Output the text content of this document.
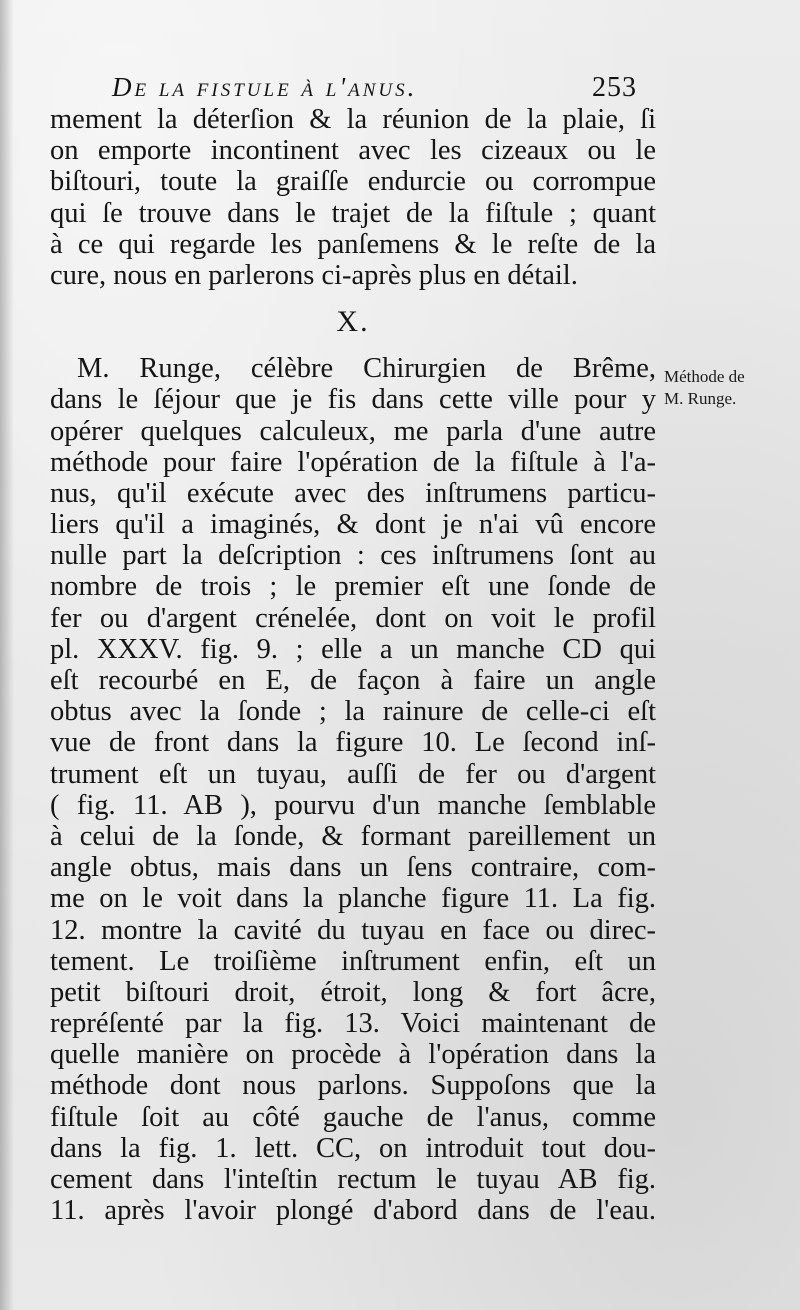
De la fistule à l'anus.	253
mement la déterſion & la réunion de la plaie, ſi
on emporte incontinent avec les cizeaux ou le
biſtouri, toute la graiſſe endurcie ou corrompue
qui ſe trouve dans le trajet de la fiſtule ; quant
à ce qui regarde les panſemens & le reſte de la
cure, nous en parlerons ci-après plus en détail.
X.
M. Runge, célèbre Chirurgien de Brême,
dans le ſéjour que je fis dans cette ville pour y
opérer quelques calculeux, me parla d'une autre
méthode pour faire l'opération de la fiſtule à l'a-
nus, qu'il exécute avec des inſtrumens particu-
liers qu'il a imaginés, & dont je n'ai vû encore
nulle part la deſcription : ces inſtrumens ſont au
nombre de trois ; le premier eſt une ſonde de
fer ou d'argent crénelée, dont on voit le profil
pl. XXXV. fig. 9. ; elle a un manche CD qui
eſt recourbé en E, de façon à faire un angle
obtus avec la ſonde ; la rainure de celle-ci eſt
vue de front dans la figure 10. Le ſecond inſ-
trument eſt un tuyau, auſſi de fer ou d'argent
( fig. 11. AB ), pourvu d'un manche ſemblable
à celui de la ſonde, & formant pareillement un
angle obtus, mais dans un ſens contraire, com-
me on le voit dans la planche figure 11. La fig.
12. montre la cavité du tuyau en face ou direc-
tement. Le troiſième inſtrument enfin, eſt un
petit biſtouri droit, étroit, long & fort âcre,
repréſenté par la fig. 13. Voici maintenant de
quelle manière on procède à l'opération dans la
méthode dont nous parlons. Suppoſons que la
fiſtule ſoit au côté gauche de l'anus, comme
dans la fig. 1. lett. CC, on introduit tout dou-
cement dans l'inteſtin rectum le tuyau AB fig.
11. après l'avoir plongé d'abord dans de l'eau.
Méthode de
M. Runge.
